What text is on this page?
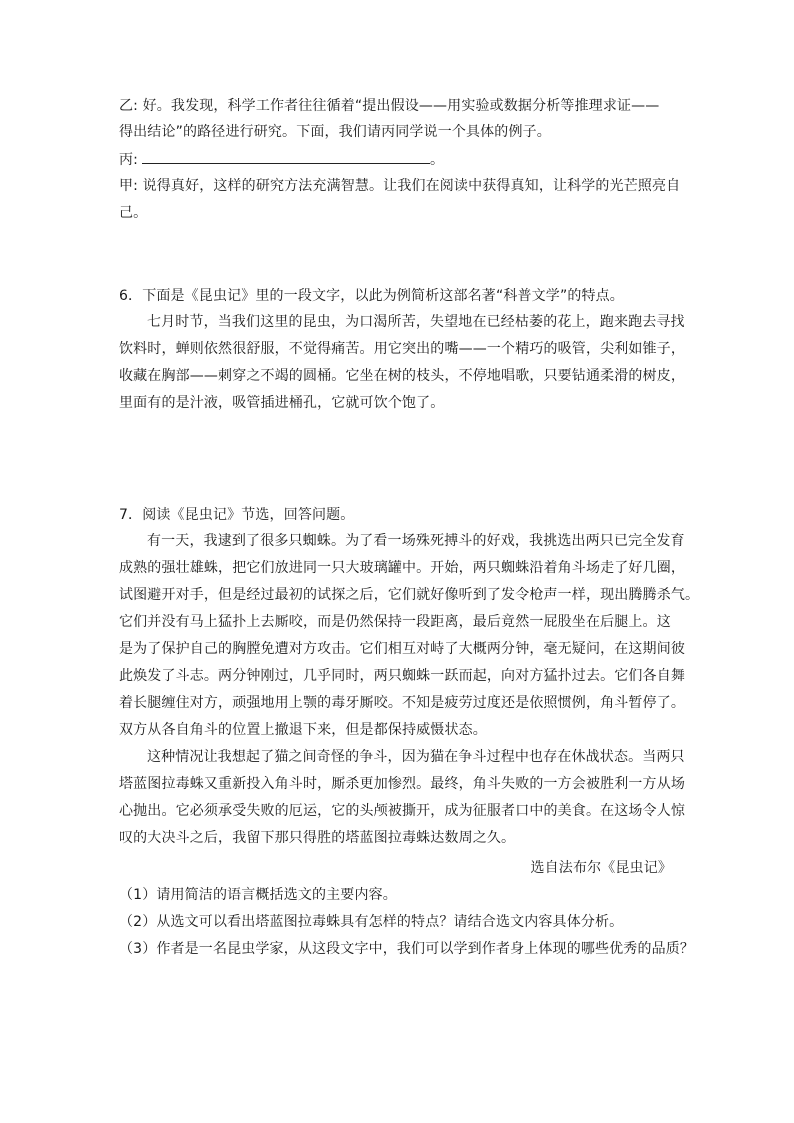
乙: 好。我发现，科学工作者往往循着“提出假设——用实验或数据分析等推理求证——
得出结论”的路径进行研究。下面，我们请丙同学说一个具体的例子。
丙:	。
甲: 说得真好，这样的研究方法充满智慧。让我们在阅读中获得真知，让科学的光芒照亮自
己。
6．下面是《昆虫记》里的一段文字，以此为例简析这部名著“科普文学”的特点。
七月时节，当我们这里的昆虫，为口渴所苦，失望地在已经枯萎的花上，跑来跑去寻找
饮料时，蝉则依然很舒服，不觉得痛苦。用它突出的嘴——一个精巧的吸管，尖利如锥子，
收藏在胸部——刺穿之不竭的圆桶。它坐在树的枝头，不停地唱歌，只要钻通柔滑的树皮，
里面有的是汁液，吸管插进桶孔，它就可饮个饱了。
7．阅读《昆虫记》节选，回答问题。
有一天，我逮到了很多只蜘蛛。为了看一场殊死搏斗的好戏，我挑选出两只已完全发育
成熟的强壮雄蛛，把它们放进同一只大玻璃罐中。开始，两只蜘蛛沿着角斗场走了好几圈，
试图避开对手，但是经过最初的试探之后，它们就好像听到了发令枪声一样，现出腾腾杀气。
它们并没有马上猛扑上去厮咬，而是仍然保持一段距离，最后竟然一屁股坐在后腿上。这
是为了保护自己的胸膛免遭对方攻击。它们相互对峙了大概两分钟，毫无疑问，在这期间彼
此焕发了斗志。两分钟刚过，几乎同时，两只蜘蛛一跃而起，向对方猛扑过去。它们各自舞
着长腿缠住对方，顽强地用上颚的毒牙厮咬。不知是疲劳过度还是依照惯例，角斗暂停了。
双方从各自角斗的位置上撤退下来，但是都保持威慑状态。
这种情况让我想起了猫之间奇怪的争斗，因为猫在争斗过程中也存在休战状态。当两只
塔蓝图拉毒蛛又重新投入角斗时，厮杀更加惨烈。最终，角斗失败的一方会被胜利一方从场
心抛出。它必须承受失败的厄运，它的头颅被撕开，成为征服者口中的美食。在这场令人惊
叹的大决斗之后，我留下那只得胜的塔蓝图拉毒蛛达数周之久。
选自法布尔《昆虫记》
（1）请用简洁的语言概括选文的主要内容。
（2）从选文可以看出塔蓝图拉毒蛛具有怎样的特点？请结合选文内容具体分析。
（3）作者是一名昆虫学家，从这段文字中，我们可以学到作者身上体现的哪些优秀的品质？
